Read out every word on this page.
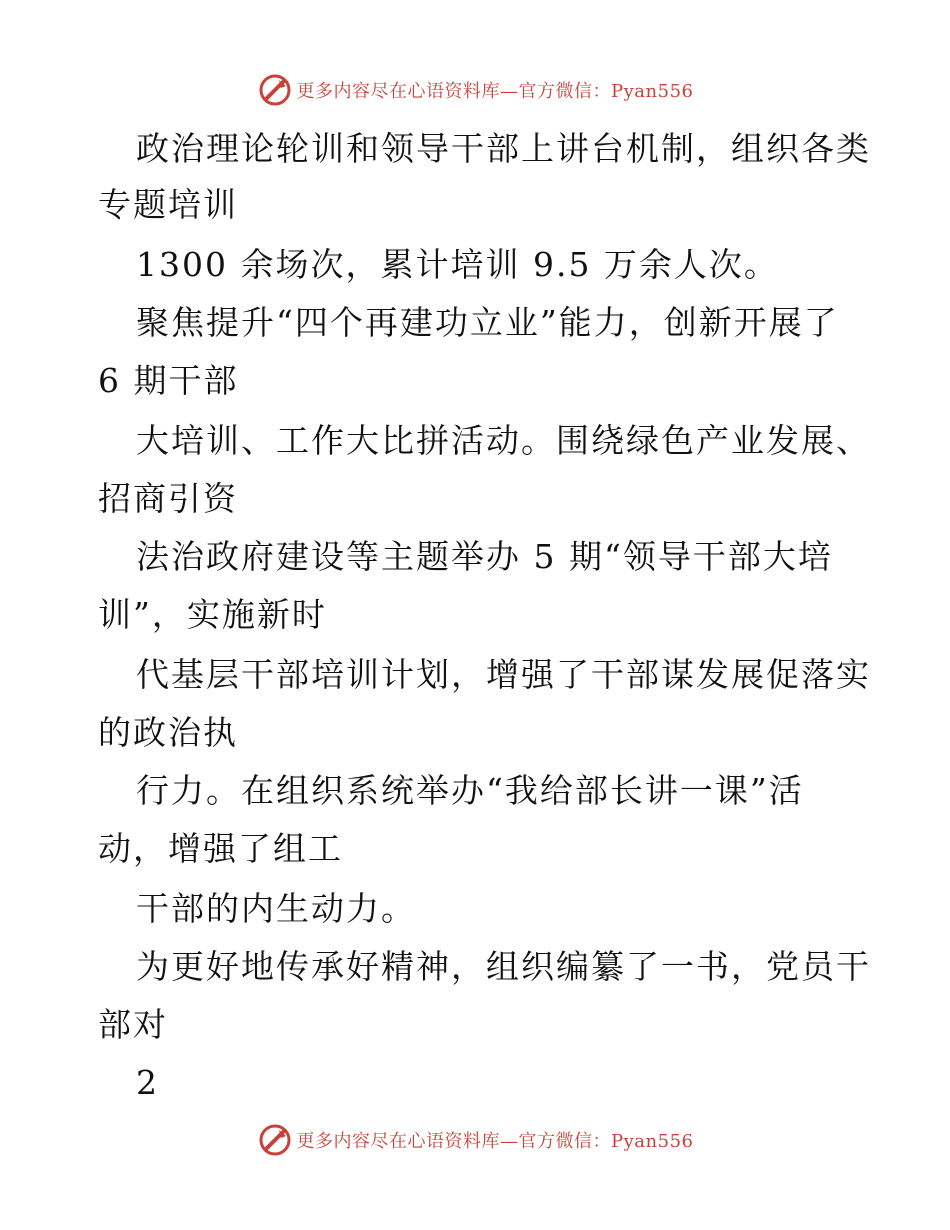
更多内容尽在心语资料库—官方微信：Pyan556
政治理论轮训和领导干部上讲台机制，组织各类
专题培训
1300 余场次，累计培训 9.5 万余人次。
聚焦提升“四个再建功立业”能力，创新开展了
6 期干部
大培训、工作大比拼活动。围绕绿色产业发展、
招商引资
法治政府建设等主题举办 5 期“领导干部大培
训”，实施新时
代基层干部培训计划，增强了干部谋发展促落实
的政治执
行力。在组织系统举办“我给部长讲一课”活
动，增强了组工
干部的内生动力。
为更好地传承好精神，组织编纂了一书，党员干
部对
2
更多内容尽在心语资料库—官方微信：Pyan556
